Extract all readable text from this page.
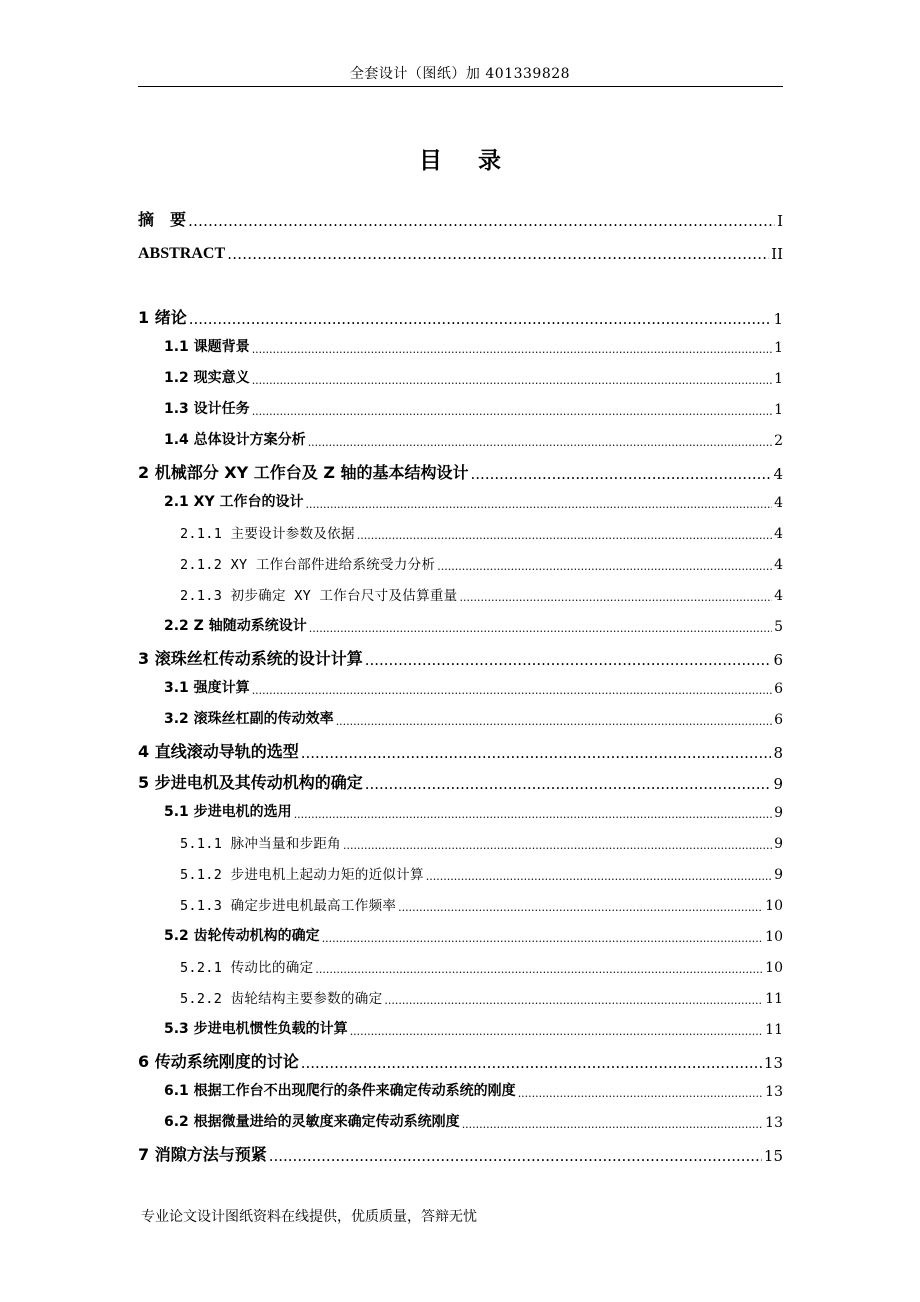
全套设计（图纸）加 401339828
目 录
摘　要 …………………………………………………………………………………………………………………………………………………………………………	I
ABSTRACT …………………………………………………………………………………………………………………………………………………………………………	II
1 绪论 .....	1
1.1 课题背景 .....	1
1.2 现实意义 .....	1
1.3 设计任务 .....	1
1.4 总体设计方案分析 .....	2
2 机械部分 XY 工作台及 Z 轴的基本结构设计 .....	4
2.1 XY 工作台的设计 .....	4
2.1.1 主要设计参数及依据 .....	4
2.1.2 XY 工作台部件进给系统受力分析 .....	4
2.1.3 初步确定 XY 工作台尺寸及估算重量 .....	4
2.2 Z 轴随动系统设计 .....	5
3 滚珠丝杠传动系统的设计计算 .....	6
3.1 强度计算 .....	6
3.2 滚珠丝杠副的传动效率 .....	6
4 直线滚动导轨的选型 .....	8
5 步进电机及其传动机构的确定 .....	9
5.1 步进电机的选用 .....	9
5.1.1 脉冲当量和步距角 .....	9
5.1.2 步进电机上起动力矩的近似计算 .....	9
5.1.3 确定步进电机最高工作频率 .....	10
5.2 齿轮传动机构的确定 .....	10
5.2.1 传动比的确定 .....	10
5.2.2 齿轮结构主要参数的确定 .....	11
5.3 步进电机惯性负载的计算 .....	11
6 传动系统刚度的讨论 .....	13
6.1 根据工作台不出现爬行的条件来确定传动系统的刚度 .....	13
6.2 根据微量进给的灵敏度来确定传动系统刚度 .....	13
7 消隙方法与预紧 .....	15
专业论文设计图纸资料在线提供，优质质量，答辩无忧
